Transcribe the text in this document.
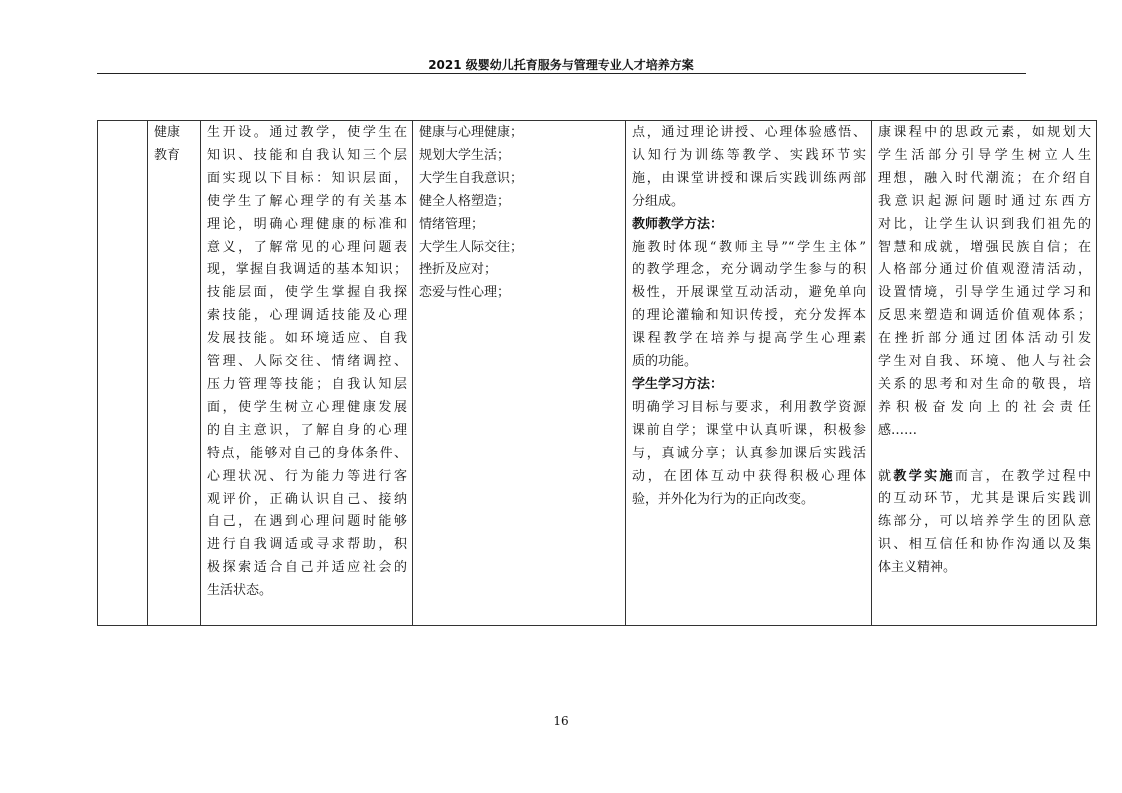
2021 级婴幼儿托育服务与管理专业人才培养方案

健康
教育

生开设。通过教学，使学生在
知识、技能和自我认知三个层
面实现以下目标：知识层面，
使学生了解心理学的有关基本
理论，明确心理健康的标准和
意义，了解常见的心理问题表
现，掌握自我调适的基本知识；
技能层面，使学生掌握自我探
索技能，心理调适技能及心理
发展技能。如环境适应、自我
管理、人际交往、情绪调控、
压力管理等技能；自我认知层
面，使学生树立心理健康发展
的自主意识，了解自身的心理
特点，能够对自己的身体条件、
心理状况、行为能力等进行客
观评价，正确认识自己、接纳
自己，在遇到心理问题时能够
进行自我调适或寻求帮助，积
极探索适合自己并适应社会的
生活状态。

健康与心理健康；
规划大学生活；
大学生自我意识；
健全人格塑造；
情绪管理；
大学生人际交往；
挫折及应对；
恋爱与性心理；

点，通过理论讲授、心理体验感悟、
认知行为训练等教学、实践环节实
施，由课堂讲授和课后实践训练两部
分组成。
教师教学方法：
施教时体现“教师主导”“学生主体”
的教学理念，充分调动学生参与的积
极性，开展课堂互动活动，避免单向
的理论灌输和知识传授，充分发挥本
课程教学在培养与提高学生心理素
质的功能。
学生学习方法：
明确学习目标与要求，利用教学资源
课前自学；课堂中认真听课，积极参
与，真诚分享；认真参加课后实践活
动，在团体互动中获得积极心理体
验，并外化为行为的正向改变。

康课程中的思政元素，如规划大
学生活部分引导学生树立人生
理想，融入时代潮流；在介绍自
我意识起源问题时通过东西方
对比，让学生认识到我们祖先的
智慧和成就，增强民族自信；在
人格部分通过价值观澄清活动，
设置情境，引导学生通过学习和
反思来塑造和调适价值观体系；
在挫折部分通过团体活动引发
学生对自我、环境、他人与社会
关系的思考和对生命的敬畏，培
养积极奋发向上的社会责任
感……
就教学实施而言，在教学过程中
的互动环节，尤其是课后实践训
练部分，可以培养学生的团队意
识、相互信任和协作沟通以及集
体主义精神。
16
